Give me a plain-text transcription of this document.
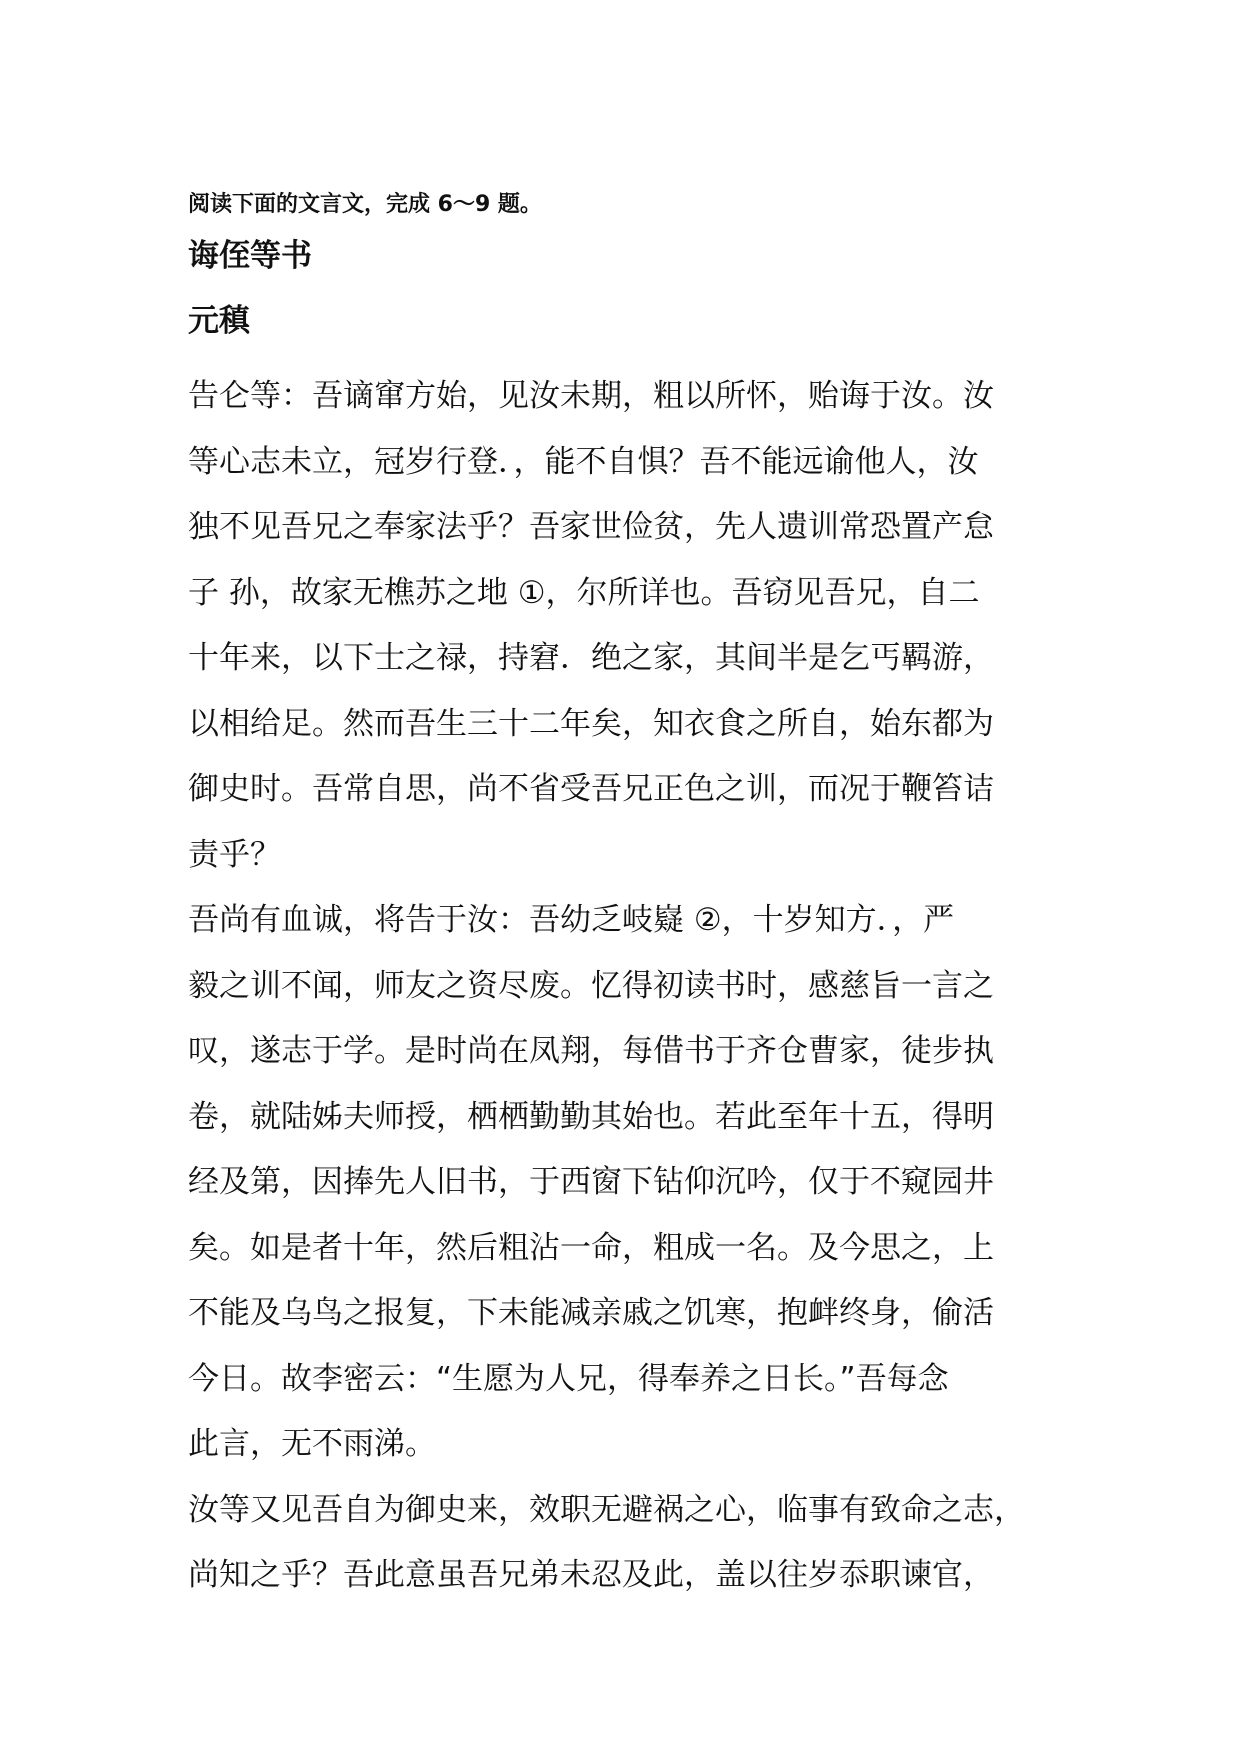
阅读下面的文言文，完成 6～9 题。
诲侄等书
元稹
告仑等：吾谪窜方始，见汝未期，粗以所怀，贻诲于汝。汝
等心志未立，冠岁行登．，能不自惧？吾不能远谕他人，汝
独不见吾兄之奉家法乎？吾家世俭贫，先人遗训常恐置产怠
子 孙，故家无樵苏之地 ①，尔所详也。吾窃见吾兄，自二
十年来，以下士之禄，持窘．绝之家，其间半是乞丐羁游，
以相给足。然而吾生三十二年矣，知衣食之所自，始东都为
御史时。吾常自思，尚不省受吾兄正色之训，而况于鞭笞诘
责乎？
吾尚有血诚，将告于汝：吾幼乏岐嶷 ②，十岁知方．，严
毅之训不闻，师友之资尽废。忆得初读书时，感慈旨一言之
叹，遂志于学。是时尚在凤翔，每借书于齐仓曹家，徒步执
卷，就陆姊夫师授，栖栖勤勤其始也。若此至年十五，得明
经及第，因捧先人旧书，于西窗下钻仰沉吟，仅于不窥园井
矣。如是者十年，然后粗沾一命，粗成一名。及今思之，上
不能及乌鸟之报复，下未能减亲戚之饥寒，抱衅终身，偷活
今日。故李密云：“生愿为人兄，得奉养之日长。”吾每念
此言，无不雨涕。
汝等又见吾自为御史来，效职无避祸之心，临事有致命之志，
尚知之乎？吾此意虽吾兄弟未忍及此，盖以往岁忝职谏官，
